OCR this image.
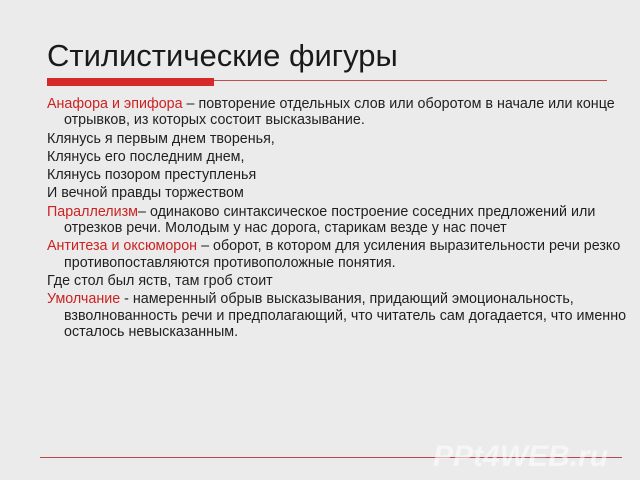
Стилистические фигуры
Анафора и эпифора – повторение отдельных слов или оборотом в начале или конце отрывков, из которых состоит высказывание.
Клянусь я первым днем творенья,
Клянусь его последним днем,
Клянусь позором преступленья
И вечной правды торжеством
Параллелизм– одинаково синтаксическое построение соседних предложений или отрезков речи. Молодым у нас дорога, старикам везде у нас почет
Антитеза и оксюморон – оборот, в котором для усиления выразительности речи резко противопоставляются противоположные понятия.
Где стол был яств, там гроб стоит
Умолчание - намеренный обрыв высказывания, придающий эмоциональность, взволнованность речи и предполагающий, что читатель сам догадается, что именно осталось невысказанным.
PPt4WEB.ru
